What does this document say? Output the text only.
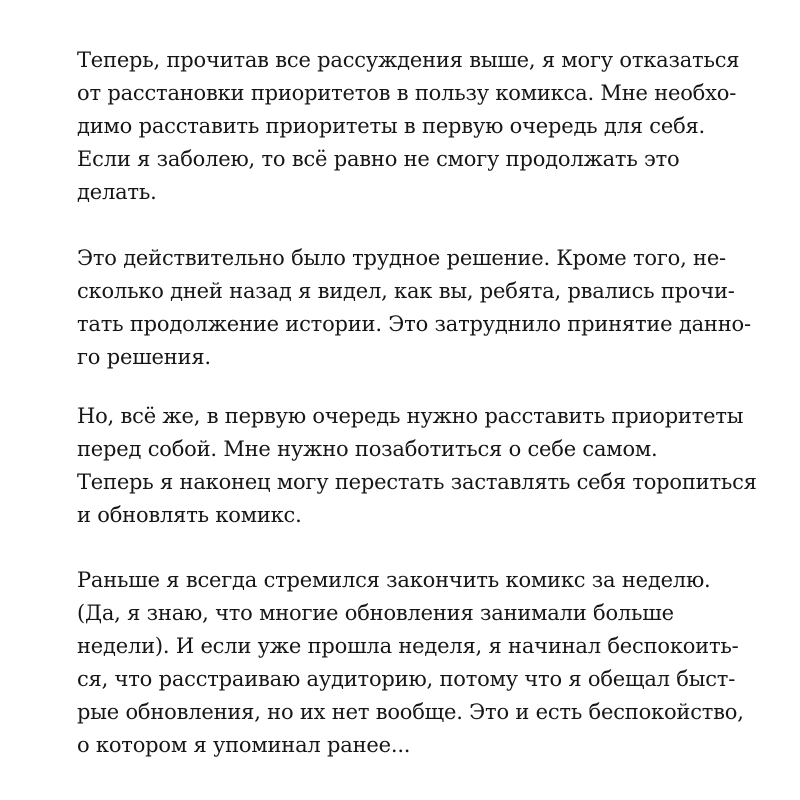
Теперь, прочитав все рассуждения выше, я могу отказаться
от расстановки приоритетов в пользу комикса. Мне необхо-
димо расставить приоритеты в первую очередь для себя.
Если я заболею, то всё равно не смогу продолжать это
делать.
Это действительно было трудное решение. Кроме того, не-
сколько дней назад я видел, как вы, ребята, рвались прочи-
тать продолжение истории. Это затруднило принятие данно-
го решения.
Но, всё же, в первую очередь нужно расставить приоритеты
перед собой. Мне нужно позаботиться о себе самом.
Теперь я наконец могу перестать заставлять себя торопиться
и обновлять комикс.
Раньше я всегда стремился закончить комикс за неделю.
(Да, я знаю, что многие обновления занимали больше
недели). И если уже прошла неделя, я начинал беспокоить-
ся, что расстраиваю аудиторию, потому что я обещал быст-
рые обновления, но их нет вообще. Это и есть беспокойство,
о котором я упоминал ранее...
